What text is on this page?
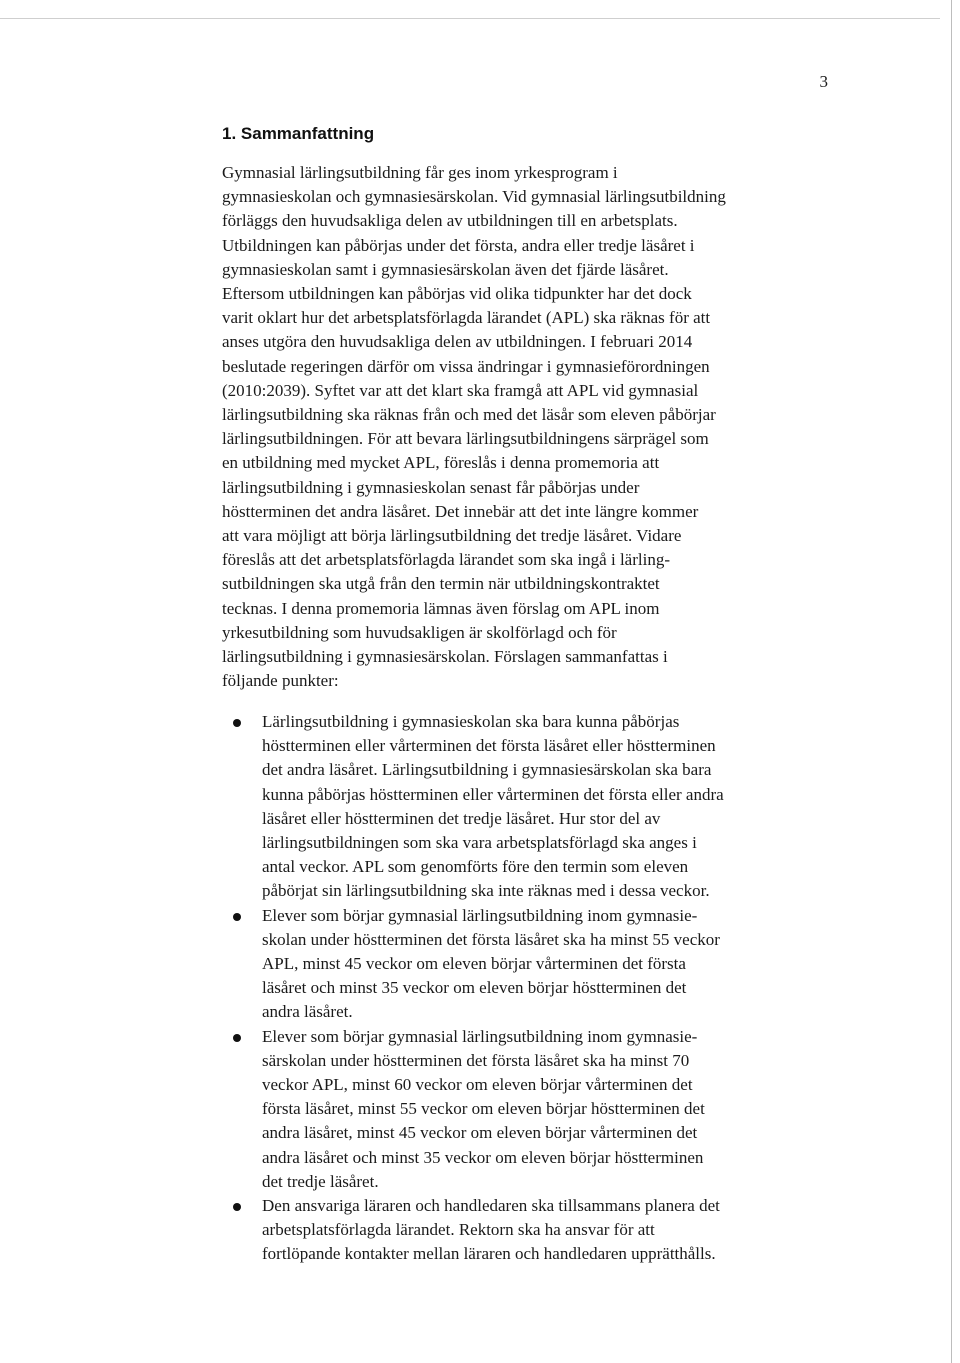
3
1. Sammanfattning
Gymnasial lärlingsutbildning får ges inom yrkesprogram i
gymnasieskolan och gymnasiesärskolan. Vid gymnasial lärlingsutbildning
förläggs den huvudsakliga delen av utbildningen till en arbetsplats.
Utbildningen kan påbörjas under det första, andra eller tredje läsåret i
gymnasieskolan samt i gymnasiesärskolan även det fjärde läsåret.
Eftersom utbildningen kan påbörjas vid olika tidpunkter har det dock
varit oklart hur det arbetsplatsförlagda lärandet (APL) ska räknas för att
anses utgöra den huvudsakliga delen av utbildningen. I februari 2014
beslutade regeringen därför om vissa ändringar i gymnasieförordningen
(2010:2039). Syftet var att det klart ska framgå att APL vid gymnasial
lärlingsutbildning ska räknas från och med det läsår som eleven påbörjar
lärlingsutbildningen. För att bevara lärlingsutbildningens särprägel som
en utbildning med mycket APL, föreslås i denna promemoria att
lärlingsutbildning i gymnasieskolan senast får påbörjas under
höstterminen det andra läsåret. Det innebär att det inte längre kommer
att vara möjligt att börja lärlingsutbildning det tredje läsåret. Vidare
föreslås att det arbetsplatsförlagda lärandet som ska ingå i lärling-
sutbildningen ska utgå från den termin när utbildningskontraktet
tecknas. I denna promemoria lämnas även förslag om APL inom
yrkesutbildning som huvudsakligen är skolförlagd och för
lärlingsutbildning i gymnasiesärskolan. Förslagen sammanfattas i
följande punkter:
Lärlingsutbildning i gymnasieskolan ska bara kunna påbörjas
höstterminen eller vårterminen det första läsåret eller höstterminen
det andra läsåret. Lärlingsutbildning i gymnasiesärskolan ska bara
kunna påbörjas höstterminen eller vårterminen det första eller andra
läsåret eller höstterminen det tredje läsåret. Hur stor del av
lärlingsutbildningen som ska vara arbetsplatsförlagd ska anges i
antal veckor. APL som genomförts före den termin som eleven
påbörjat sin lärlingsutbildning ska inte räknas med i dessa veckor.
Elever som börjar gymnasial lärlingsutbildning inom gymnasie-
skolan under höstterminen det första läsåret ska ha minst 55 veckor
APL, minst 45 veckor om eleven börjar vårterminen det första
läsåret och minst 35 veckor om eleven börjar höstterminen det
andra läsåret.
Elever som börjar gymnasial lärlingsutbildning inom gymnasie-
särskolan under höstterminen det första läsåret ska ha minst 70
veckor APL, minst 60 veckor om eleven börjar vårterminen det
första läsåret, minst 55 veckor om eleven börjar höstterminen det
andra läsåret, minst 45 veckor om eleven börjar vårterminen det
andra läsåret och minst 35 veckor om eleven börjar höstterminen
det tredje läsåret.
Den ansvariga läraren och handledaren ska tillsammans planera det
arbetsplatsförlagda lärandet. Rektorn ska ha ansvar för att
fortlöpande kontakter mellan läraren och handledaren upprätthålls.
